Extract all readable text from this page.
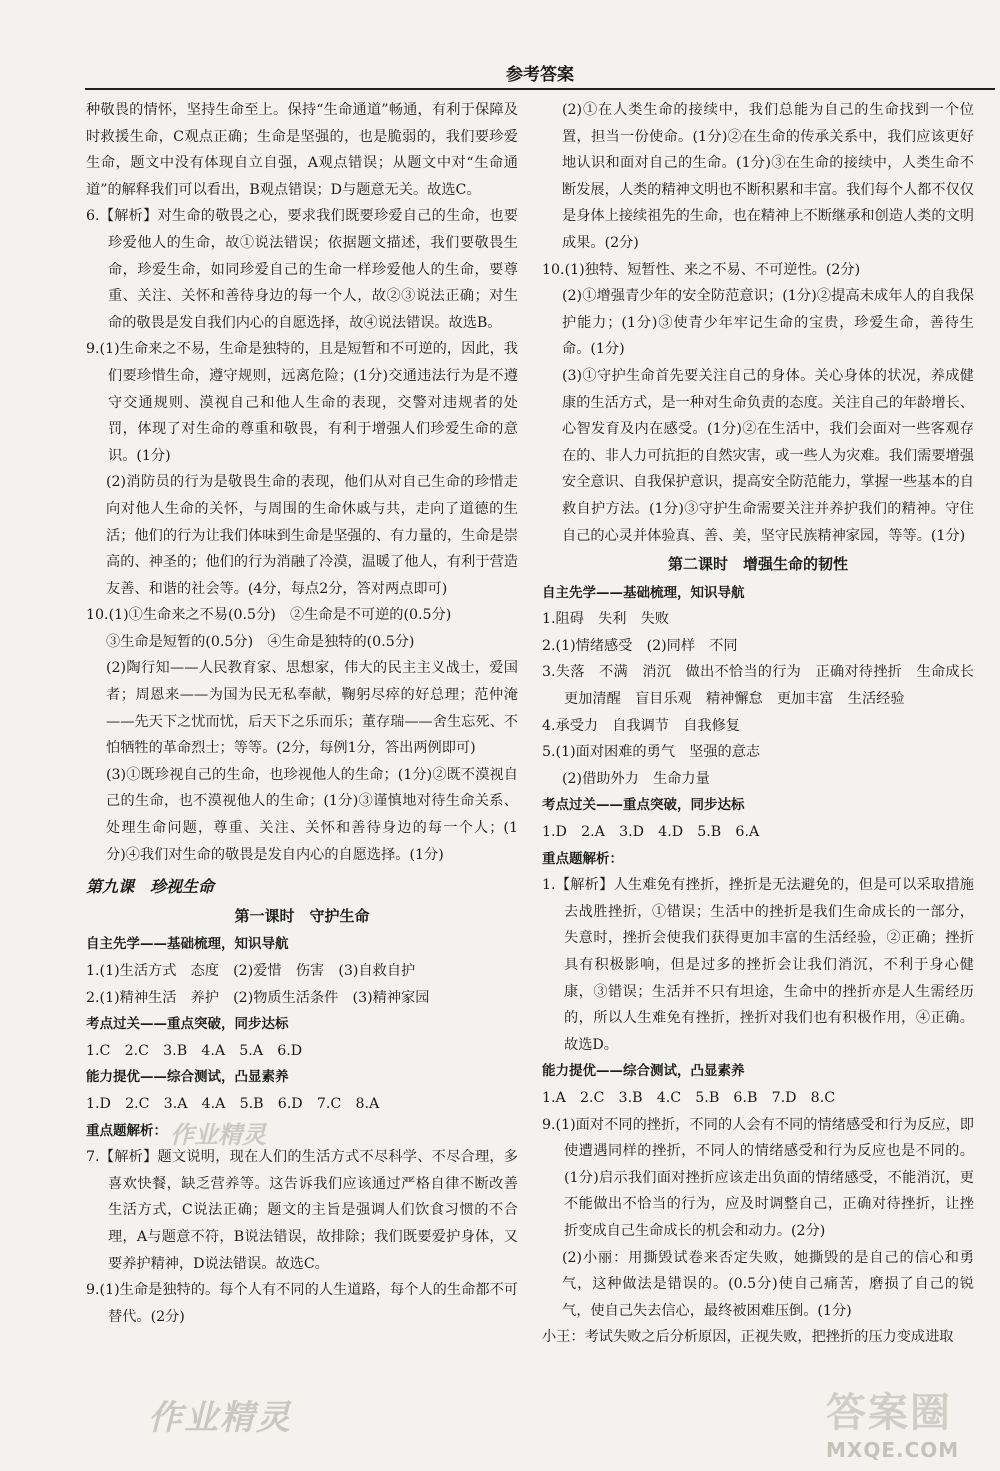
参考答案

种敬畏的情怀，坚持生命至上。保持“生命通道”畅通，有利于保障及时救援生命，C观点正确；生命是坚强的，也是脆弱的，我们要珍爱生命，题文中没有体现自立自强，A观点错误；从题文中对“生命通道”的解释我们可以看出，B观点错误；D与题意无关。故选C。

6.【解析】对生命的敬畏之心，要求我们既要珍爱自己的生命，也要珍爱他人的生命，故①说法错误；依据题文描述，我们要敬畏生命，珍爱生命，如同珍爱自己的生命一样珍爱他人的生命，要尊重、关注、关怀和善待身边的每一个人，故②③说法正确；对生命的敬畏是发自我们内心的自愿选择，故④说法错误。故选B。

9.(1)生命来之不易，生命是独特的，且是短暂和不可逆的，因此，我们要珍惜生命，遵守规则，远离危险；(1分)交通违法行为是不遵守交通规则、漠视自己和他人生命的表现，交警对违规者的处罚，体现了对生命的尊重和敬畏，有利于增强人们珍爱生命的意识。(1分)

(2)消防员的行为是敬畏生命的表现，他们从对自己生命的珍惜走向对他人生命的关怀，与周围的生命休戚与共，走向了道德的生活；他们的行为让我们体味到生命是坚强的、有力量的，生命是崇高的、神圣的；他们的行为消融了冷漠，温暖了他人，有利于营造友善、和谐的社会等。(4分，每点2分，答对两点即可)

10.(1)①生命来之不易(0.5分)　②生命是不可逆的(0.5分)

③生命是短暂的(0.5分)　④生命是独特的(0.5分)

(2)陶行知——人民教育家、思想家，伟大的民主主义战士，爱国者；周恩来——为国为民无私奉献，鞠躬尽瘁的好总理；范仲淹——先天下之忧而忧，后天下之乐而乐；董存瑞——舍生忘死、不怕牺牲的革命烈士；等等。(2分，每例1分，答出两例即可)

(3)①既珍视自己的生命，也珍视他人的生命；(1分)②既不漠视自己的生命，也不漠视他人的生命；(1分)③谨慎地对待生命关系、处理生命问题，尊重、关注、关怀和善待身边的每一个人；(1分)④我们对生命的敬畏是发自内心的自愿选择。(1分)

第九课　珍视生命
第一课时　守护生命
自主先学——基础梳理，知识导航

1.(1)生活方式　态度　(2)爱惜　伤害　(3)自救自护

2.(1)精神生活　养护　(2)物质生活条件　(3)精神家园

考点过关——重点突破，同步达标

1.C　2.C　3.B　4.A　5.A　6.D

能力提优——综合测试，凸显素养

1.D　2.C　3.A　4.A　5.B　6.D　7.C　8.A

重点题解析：

7.【解析】题文说明，现在人们的生活方式不尽科学、不尽合理，多喜欢快餐，缺乏营养等。这告诉我们应该通过严格自律不断改善生活方式，C说法正确；题文的主旨是强调人们饮食习惯的不合理，A与题意不符，B说法错误，故排除；我们既要爱护身体，又要养护精神，D说法错误。故选C。

9.(1)生命是独特的。每个人有不同的人生道路，每个人的生命都不可替代。(2分)

(2)①在人类生命的接续中，我们总能为自己的生命找到一个位置，担当一份使命。(1分)②在生命的传承关系中，我们应该更好地认识和面对自己的生命。(1分)③在生命的接续中，人类生命不断发展，人类的精神文明也不断积累和丰富。我们每个人都不仅仅是身体上接续祖先的生命，也在精神上不断继承和创造人类的文明成果。(2分)

10.(1)独特、短暂性、来之不易、不可逆性。(2分)

(2)①增强青少年的安全防范意识；(1分)②提高未成年人的自我保护能力；(1分)③使青少年牢记生命的宝贵，珍爱生命，善待生命。(1分)

(3)①守护生命首先要关注自己的身体。关心身体的状况，养成健康的生活方式，是一种对生命负责的态度。关注自己的年龄增长、心智发育及内在感受。(1分)②在生活中，我们会面对一些客观存在的、非人力可抗拒的自然灾害，或一些人为灾难。我们需要增强安全意识、自我保护意识，提高安全防范能力，掌握一些基本的自救自护方法。(1分)③守护生命需要关注并养护我们的精神。守住自己的心灵并体验真、善、美，坚守民族精神家园，等等。(1分)

第二课时　增强生命的韧性
自主先学——基础梳理，知识导航

1.阻碍　失利　失败

2.(1)情绪感受　(2)同样　不同

3.失落　不满　消沉　做出不恰当的行为　正确对待挫折　生命成长　更加清醒　盲目乐观　精神懈怠　更加丰富　生活经验

4.承受力　自我调节　自我修复

5.(1)面对困难的勇气　坚强的意志

(2)借助外力　生命力量

考点过关——重点突破，同步达标

1.D　2.A　3.D　4.D　5.B　6.A

重点题解析：

1.【解析】人生难免有挫折，挫折是无法避免的，但是可以采取措施去战胜挫折，①错误；生活中的挫折是我们生命成长的一部分，失意时，挫折会使我们获得更加丰富的生活经验，②正确；挫折具有积极影响，但是过多的挫折会让我们消沉，不利于身心健康，③错误；生活并不只有坦途，生命中的挫折亦是人生需经历的，所以人生难免有挫折，挫折对我们也有积极作用，④正确。故选D。

能力提优——综合测试，凸显素养

1.A　2.C　3.B　4.C　5.B　6.B　7.D　8.C

9.(1)面对不同的挫折，不同的人会有不同的情绪感受和行为反应，即使遭遇同样的挫折，不同人的情绪感受和行为反应也是不同的。(1分)启示我们面对挫折应该走出负面的情绪感受，不能消沉，更不能做出不恰当的行为，应及时调整自己，正确对待挫折，让挫折变成自己生命成长的机会和动力。(2分)

(2)小丽：用撕毁试卷来否定失败，她撕毁的是自己的信心和勇气，这种做法是错误的。(0.5分)使自己痛苦，磨损了自己的锐气，使自己失去信心，最终被困难压倒。(1分)

小王：考试失败之后分析原因，正视失败，把挫折的压力变成进取

作业精灵
作业精灵	答案圈
MXQE.COM
